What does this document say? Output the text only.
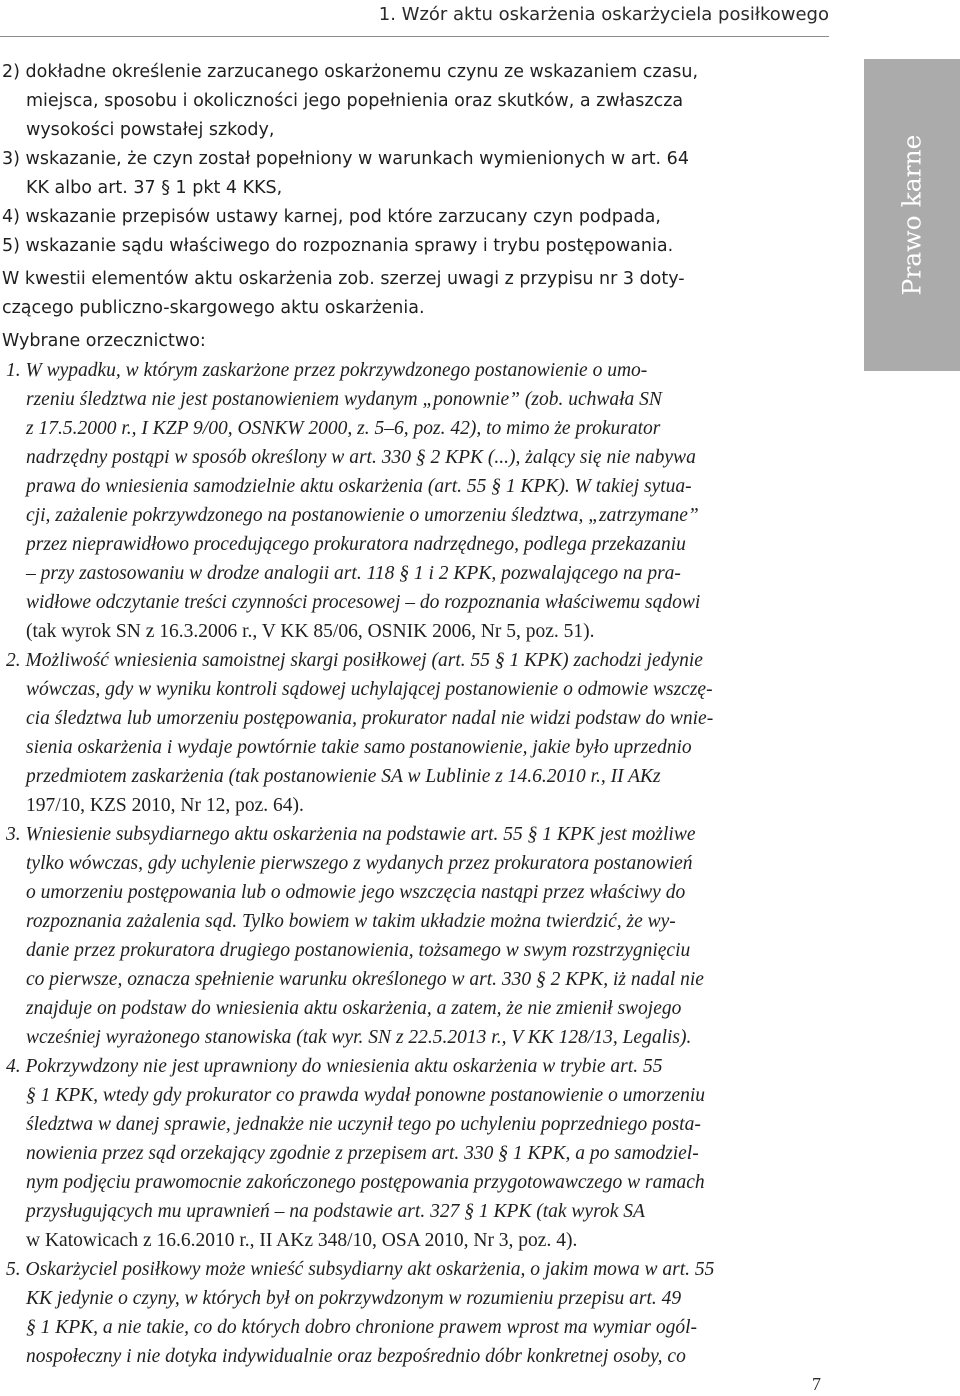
1. Wzór aktu oskarżenia oskarżyciela posiłkowego
Prawo karne
2) dokładne określenie zarzucanego oskarżonemu czynu ze wskazaniem czasu,
miejsca, sposobu i okoliczności jego popełnienia oraz skutków, a zwłaszcza
wysokości powstałej szkody,
3) wskazanie, że czyn został popełniony w warunkach wymienionych w art. 64
KK albo art. 37 § 1 pkt 4 KKS,
4) wskazanie przepisów ustawy karnej, pod które zarzucany czyn podpada,
5) wskazanie sądu właściwego do rozpoznania sprawy i trybu postępowania.
W kwestii elementów aktu oskarżenia zob. szerzej uwagi z przypisu nr 3 doty-
czącego publiczno-skargowego aktu oskarżenia.
Wybrane orzecznictwo:
1. W wypadku, w którym zaskarżone przez pokrzywdzonego postanowienie o umo-
rzeniu śledztwa nie jest postanowieniem wydanym „ponownie” (zob. uchwała SN
z 17.5.2000 r., I KZP 9/00, OSNKW 2000, z. 5–6, poz. 42), to mimo że prokurator
nadrzędny postąpi w sposób określony w art. 330 § 2 KPK (...), żalący się nie nabywa
prawa do wniesienia samodzielnie aktu oskarżenia (art. 55 § 1 KPK). W takiej sytua-
cji, zażalenie pokrzywdzonego na postanowienie o umorzeniu śledztwa, „zatrzymane”
przez nieprawidłowo procedującego prokuratora nadrzędnego, podlega przekazaniu
– przy zastosowaniu w drodze analogii art. 118 § 1 i 2 KPK, pozwalającego na pra-
widłowe odczytanie treści czynności procesowej – do rozpoznania właściwemu sądowi
(tak wyrok SN z 16.3.2006 r., V KK 85/06, OSNIK 2006, Nr 5, poz. 51).
2. Możliwość wniesienia samoistnej skargi posiłkowej (art. 55 § 1 KPK) zachodzi jedynie
wówczas, gdy w wyniku kontroli sądowej uchylającej postanowienie o odmowie wszczę-
cia śledztwa lub umorzeniu postępowania, prokurator nadal nie widzi podstaw do wnie-
sienia oskarżenia i wydaje powtórnie takie samo postanowienie, jakie było uprzednio
przedmiotem zaskarżenia (tak postanowienie SA w Lublinie z 14.6.2010 r., II AKz
197/10, KZS 2010, Nr 12, poz. 64).
3. Wniesienie subsydiarnego aktu oskarżenia na podstawie art. 55 § 1 KPK jest możliwe
tylko wówczas, gdy uchylenie pierwszego z wydanych przez prokuratora postanowień
o umorzeniu postępowania lub o odmowie jego wszczęcia nastąpi przez właściwy do
rozpoznania zażalenia sąd. Tylko bowiem w takim układzie można twierdzić, że wy-
danie przez prokuratora drugiego postanowienia, tożsamego w swym rozstrzygnięciu
co pierwsze, oznacza spełnienie warunku określonego w art. 330 § 2 KPK, iż nadal nie
znajduje on podstaw do wniesienia aktu oskarżenia, a zatem, że nie zmienił swojego
wcześniej wyrażonego stanowiska (tak wyr. SN z 22.5.2013 r., V KK 128/13, Legalis).
4. Pokrzywdzony nie jest uprawniony do wniesienia aktu oskarżenia w trybie art. 55
§ 1 KPK, wtedy gdy prokurator co prawda wydał ponowne postanowienie o umorzeniu
śledztwa w danej sprawie, jednakże nie uczynił tego po uchyleniu poprzedniego posta-
nowienia przez sąd orzekający zgodnie z przepisem art. 330 § 1 KPK, a po samodziel-
nym podjęciu prawomocnie zakończonego postępowania przygotowawczego w ramach
przysługujących mu uprawnień – na podstawie art. 327 § 1 KPK (tak wyrok SA
w Katowicach z 16.6.2010 r., II AKz 348/10, OSA 2010, Nr 3, poz. 4).
5. Oskarżyciel posiłkowy może wnieść subsydiarny akt oskarżenia, o jakim mowa w art. 55
KK jedynie o czyny, w których był on pokrzywdzonym w rozumieniu przepisu art. 49
§ 1 KPK, a nie takie, co do których dobro chronione prawem wprost ma wymiar ogól-
nospołeczny i nie dotyka indywidualnie oraz bezpośrednio dóbr konkretnej osoby, co
7
